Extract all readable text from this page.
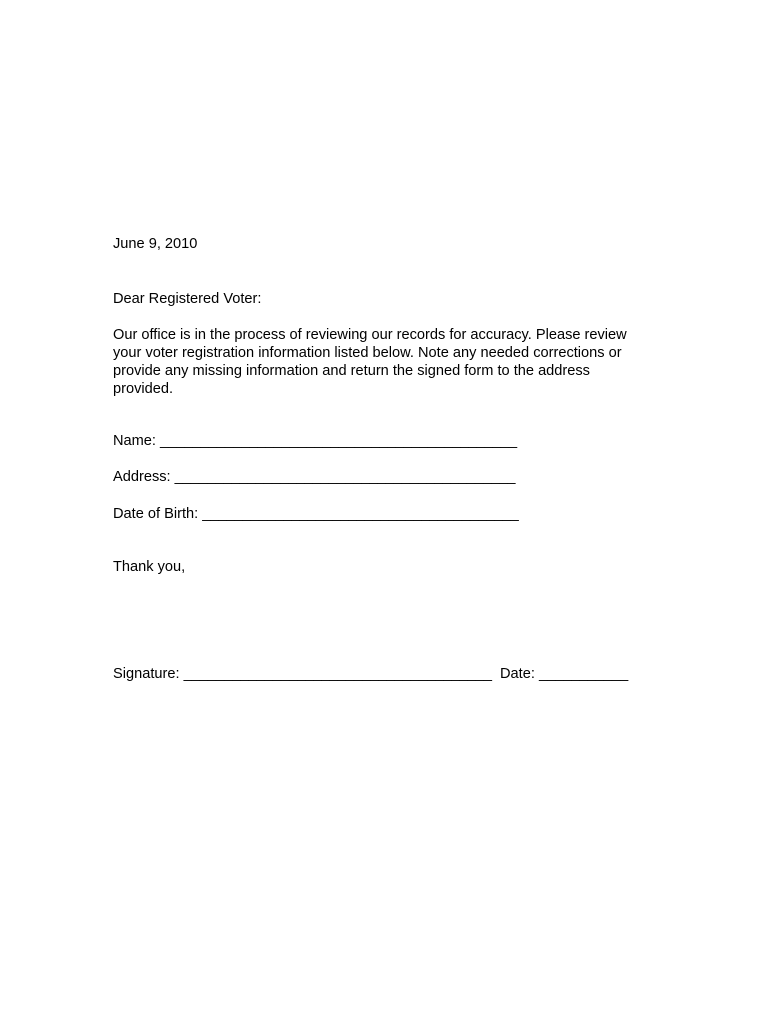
June 9, 2010
Dear Registered Voter:
Our office is in the process of reviewing our records for accuracy. Please review
your voter registration information listed below. Note any needed corrections or
provide any missing information and return the signed form to the address
provided.
Name: ____________________________________________
Address: __________________________________________
Date of Birth: _______________________________________
Thank you,
Signature: ______________________________________ Date: ___________
